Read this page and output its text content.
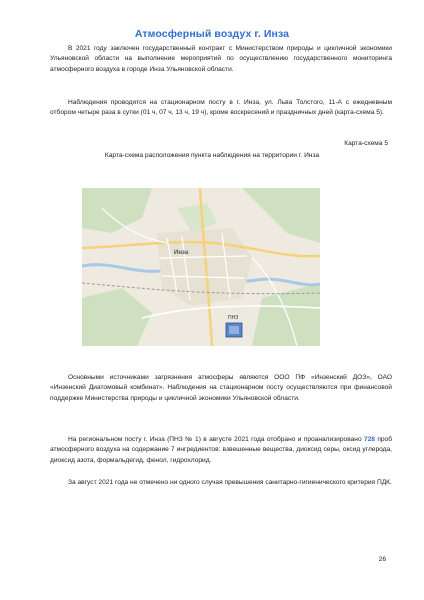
Атмосферный воздух г. Инза

В 2021 году заключен государственный контракт с Министерством природы и цикличной экономики Ульяновской области на выполнение мероприятий по осуществлению государственного мониторинга атмосферного воздуха в городе Инза Ульяновской области.

Наблюдения проводятся на стационарном посту в г. Инза, ул. Льва Толстого, 11-А с ежедневным отбором четыре раза в сутки (01 ч, 07 ч, 13 ч, 19 ч), кроме воскресений и праздничных дней (карта-схема 5).

Карта-схема 5
Карта-схема расположения пункта наблюдения на территории г. Инза
ПНЗ
Инза

Основными источниками загрязнения атмосферы являются ООО ПФ «Инзенский ДОЗ», ОАО «Инзенский Диатомовый комбинат». Наблюдения на стационарном посту осуществляются при финансовой поддержке Министерства природы и цикличной экономики Ульяновской области.

На региональном посту г. Инза (ПНЗ № 1) в августе 2021 года отобрано и проанализировано 728 проб атмосферного воздуха на содержание 7 ингредиентов: взвешенные вещества, диоксид серы, оксид углерода, диоксид азота, формальдегид, фенол, гидрохлорид.

За август 2021 года не отмечено ни одного случая превышения санитарно-гигиенического критерия ПДК.

26
